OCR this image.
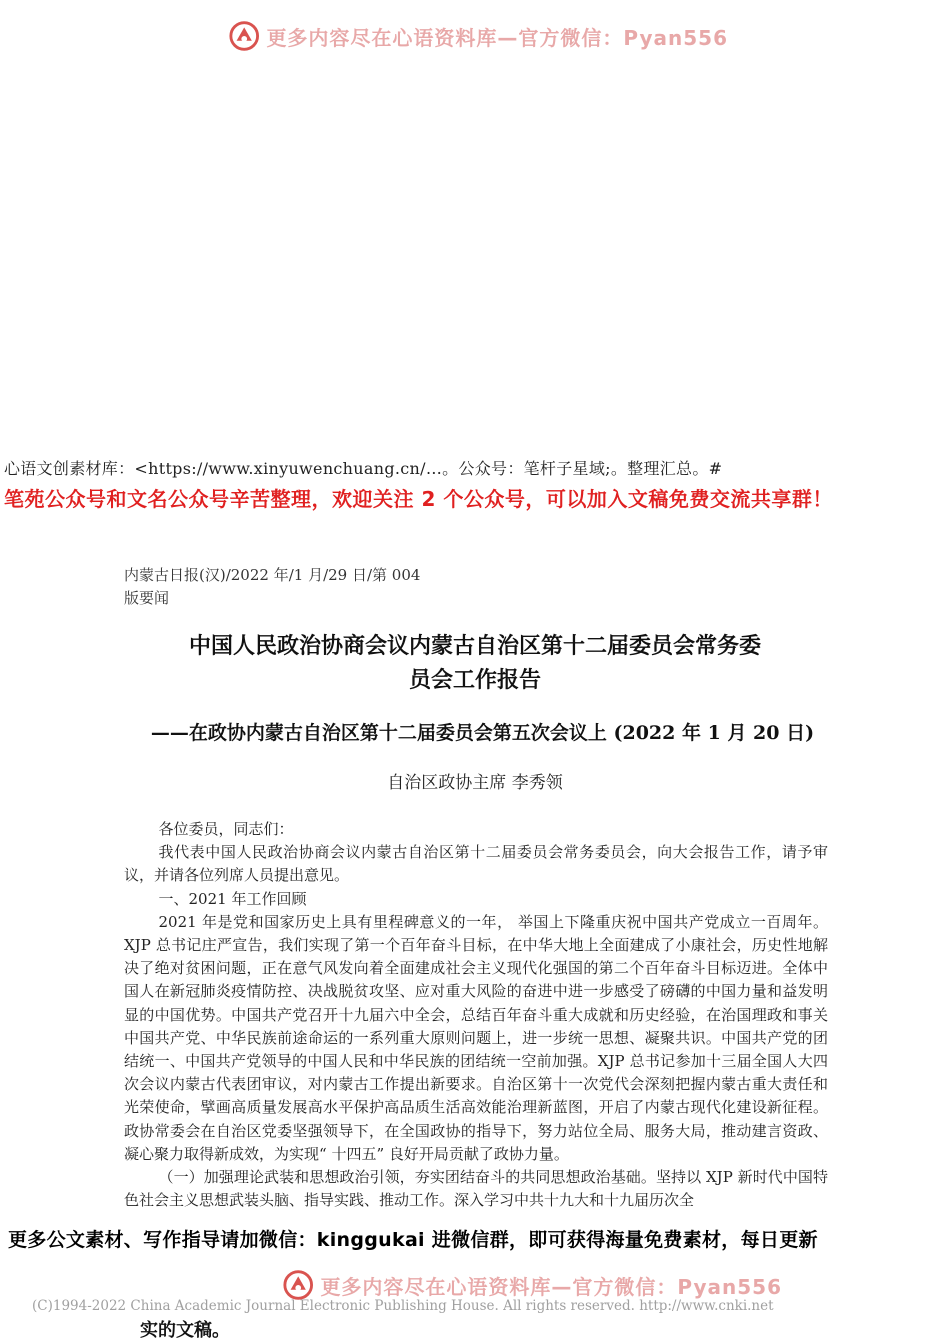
更多内容尽在心语资料库—官方微信：Pyan556
心语文创素材库：<https://www.xinyuwenchuang.cn/…。公众号：笔杆子星域;。整理汇总。#
笔苑公众号和文名公众号辛苦整理，欢迎关注 2 个公众号，可以加入文稿免费交流共享群！
内蒙古日报(汉)/2022 年/1 月/29 日/第 004
版要闻
中国人民政治协商会议内蒙古自治区第十二届委员会常务委
员会工作报告
——在政协内蒙古自治区第十二届委员会第五次会议上 (2022 年 1 月 20 日)
自治区政协主席 李秀领

各位委员，同志们：

我代表中国人民政治协商会议内蒙古自治区第十二届委员会常务委员会，向大会报告工作，请予审议，并请各位列席人员提出意见。

一、2021 年工作回顾

2021 年是党和国家历史上具有里程碑意义的一年， 举国上下隆重庆祝中国共产党成立一百周年。XJP 总书记庄严宣告，我们实现了第一个百年奋斗目标，在中华大地上全面建成了小康社会，历史性地解决了绝对贫困问题，正在意气风发向着全面建成社会主义现代化强国的第二个百年奋斗目标迈进。全体中国人在新冠肺炎疫情防控、决战脱贫攻坚、应对重大风险的奋进中进一步感受了磅礴的中国力量和益发明显的中国优势。中国共产党召开十九届六中全会，总结百年奋斗重大成就和历史经验，在治国理政和事关中国共产党、中华民族前途命运的一系列重大原则问题上，进一步统一思想、凝聚共识。中国共产党的团结统一、中国共产党领导的中国人民和中华民族的团结统一空前加强。XJP 总书记参加十三届全国人大四次会议内蒙古代表团审议，对内蒙古工作提出新要求。自治区第十一次党代会深刻把握内蒙古重大责任和光荣使命，擘画高质量发展高水平保护高品质生活高效能治理新蓝图，开启了内蒙古现代化建设新征程。政协常委会在自治区党委坚强领导下，在全国政协的指导下，努力站位全局、服务大局，推动建言资政、凝心聚力取得新成效，为实现“ 十四五” 良好开局贡献了政协力量。

（一）加强理论武装和思想政治引领，夯实团结奋斗的共同思想政治基础。坚持以 XJP 新时代中国特色社会主义思想武装头脑、指导实践、推动工作。深入学习中共十九大和十九届历次全

更多公文素材、写作指导请加微信：kinggukai 进微信群，即可获得海量免费素材，每日更新
更多内容尽在心语资料库—官方微信：Pyan556
(C)1994-2022 China Academic Journal Electronic Publishing House. All rights reserved. http://www.cnki.net
实的文稿。
